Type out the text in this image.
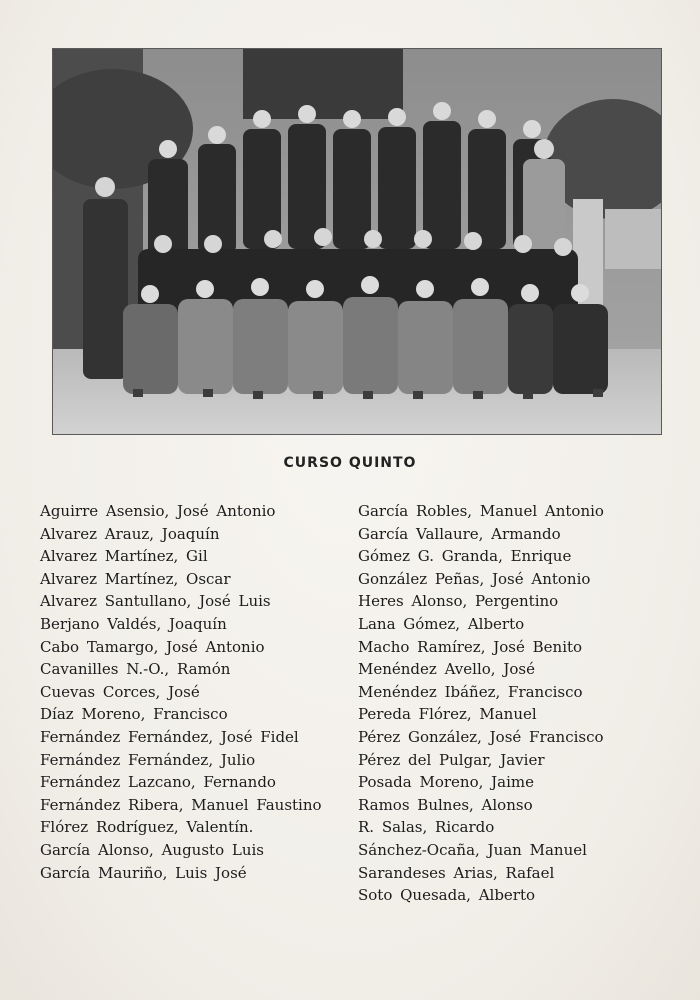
CURSO QUINTO
Aguirre Asensio, José Antonio
Alvarez Arauz, Joaquín
Alvarez Martínez, Gil
Alvarez Martínez, Oscar
Alvarez Santullano, José Luis
Berjano Valdés, Joaquín
Cabo Tamargo, José Antonio
Cavanilles N.-O., Ramón
Cuevas Corces, José
Díaz Moreno, Francisco
Fernández Fernández, José Fidel
Fernández Fernández, Julio
Fernández Lazcano, Fernando
Fernández Ribera, Manuel Faustino
Flórez Rodríguez, Valentín.
García Alonso, Augusto Luis
García Mauriño, Luis José
García Robles, Manuel Antonio
García Vallaure, Armando
Gómez G. Granda, Enrique
González Peñas, José Antonio
Heres Alonso, Pergentino
Lana Gómez, Alberto
Macho Ramírez, José Benito
Menéndez Avello, José
Menéndez Ibáñez, Francisco
Pereda Flórez, Manuel
Pérez González, José Francisco
Pérez del Pulgar, Javier
Posada Moreno, Jaime
Ramos Bulnes, Alonso
R. Salas, Ricardo
Sánchez-Ocaña, Juan Manuel
Sarandeses Arias, Rafael
Soto Quesada, Alberto
